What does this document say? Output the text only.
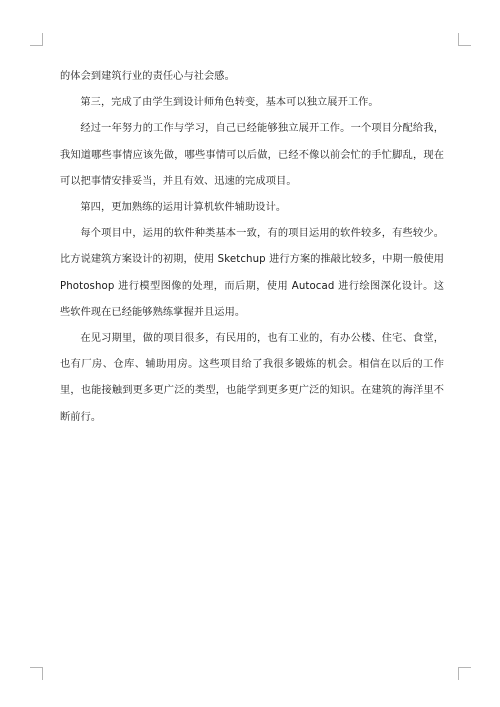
的体会到建筑行业的责任心与社会感。

第三，完成了由学生到设计师角色转变，基本可以独立展开工作。

经过一年努力的工作与学习，自己已经能够独立展开工作。一个项目分配给我，我知道哪些事情应该先做，哪些事情可以后做，已经不像以前会忙的手忙脚乱，现在可以把事情安排妥当，并且有效、迅速的完成项目。

第四，更加熟练的运用计算机软件辅助设计。

每个项目中，运用的软件种类基本一致，有的项目运用的软件较多，有些较少。比方说建筑方案设计的初期，使用 Sketchup 进行方案的推敲比较多，中期一般使用 Photoshop 进行模型图像的处理，而后期，使用 Autocad 进行绘图深化设计。这些软件现在已经能够熟练掌握并且运用。

在见习期里，做的项目很多，有民用的，也有工业的，有办公楼、住宅、食堂，也有厂房、仓库、辅助用房。这些项目给了我很多锻炼的机会。相信在以后的工作里，也能接触到更多更广泛的类型，也能学到更多更广泛的知识。在建筑的海洋里不断前行。
